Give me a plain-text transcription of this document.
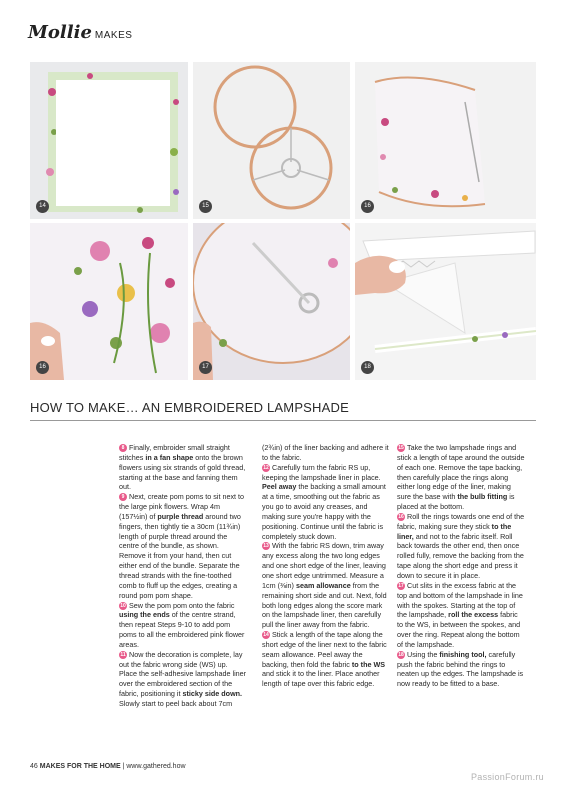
Mollie MAKES
14	15	16
16	17	18
HOW TO MAKE… AN EMBROIDERED LAMPSHADE

8 Finally, embroider small straight stitches in a fan shape onto the brown flowers using six strands of gold thread, starting at the base and fanning them out.

9 Next, create pom poms to sit next to the large pink flowers. Wrap 4m (157½in) of purple thread around two fingers, then tightly tie a 30cm (11¾in) length of purple thread around the centre of the bundle, as shown. Remove it from your hand, then cut either end of the bundle. Separate the thread strands with the fine-toothed comb to fluff up the edges, creating a round pom pom shape.

10 Sew the pom pom onto the fabric using the ends of the centre strand, then repeat Steps 9-10 to add pom poms to all the embroidered pink flower areas.

11 Now the decoration is complete, lay out the fabric wrong side (WS) up. Place the self-adhesive lampshade liner over the embroidered section of the fabric, positioning it sticky side down. Slowly start to peel back about 7cm

(2¾in) of the liner backing and adhere it to the fabric.

12 Carefully turn the fabric RS up, keeping the lampshade liner in place. Peel away the backing a small amount at a time, smoothing out the fabric as you go to avoid any creases, and making sure you're happy with the positioning. Continue until the fabric is completely stuck down.

13 With the fabric RS down, trim away any excess along the two long edges and one short edge of the liner, leaving one short edge untrimmed. Measure a 1cm (⅜in) seam allowance from the remaining short side and cut. Next, fold both long edges along the score mark on the lampshade liner, then carefully pull the liner away from the fabric.

14 Stick a length of the tape along the short edge of the liner next to the fabric seam allowance. Peel away the backing, then fold the fabric to the WS and stick it to the liner. Place another length of tape over this fabric edge.

15 Take the two lampshade rings and stick a length of tape around the outside of each one. Remove the tape backing, then carefully place the rings along either long edge of the liner, making sure the base with the bulb fitting is placed at the bottom.

16 Roll the rings towards one end of the fabric, making sure they stick to the liner, and not to the fabric itself. Roll back towards the other end, then once rolled fully, remove the backing from the tape along the short edge and press it down to secure it in place.

17 Cut slits in the excess fabric at the top and bottom of the lampshade in line with the spokes. Starting at the top of the lampshade, roll the excess fabric to the WS, in between the spokes, and over the ring. Repeat along the bottom of the lampshade.

18 Using the finishing tool, carefully push the fabric behind the rings to neaten up the edges. The lampshade is now ready to be fitted to a base.

46 MAKES FOR THE HOME | www.gathered.how
PassionForum.ru
